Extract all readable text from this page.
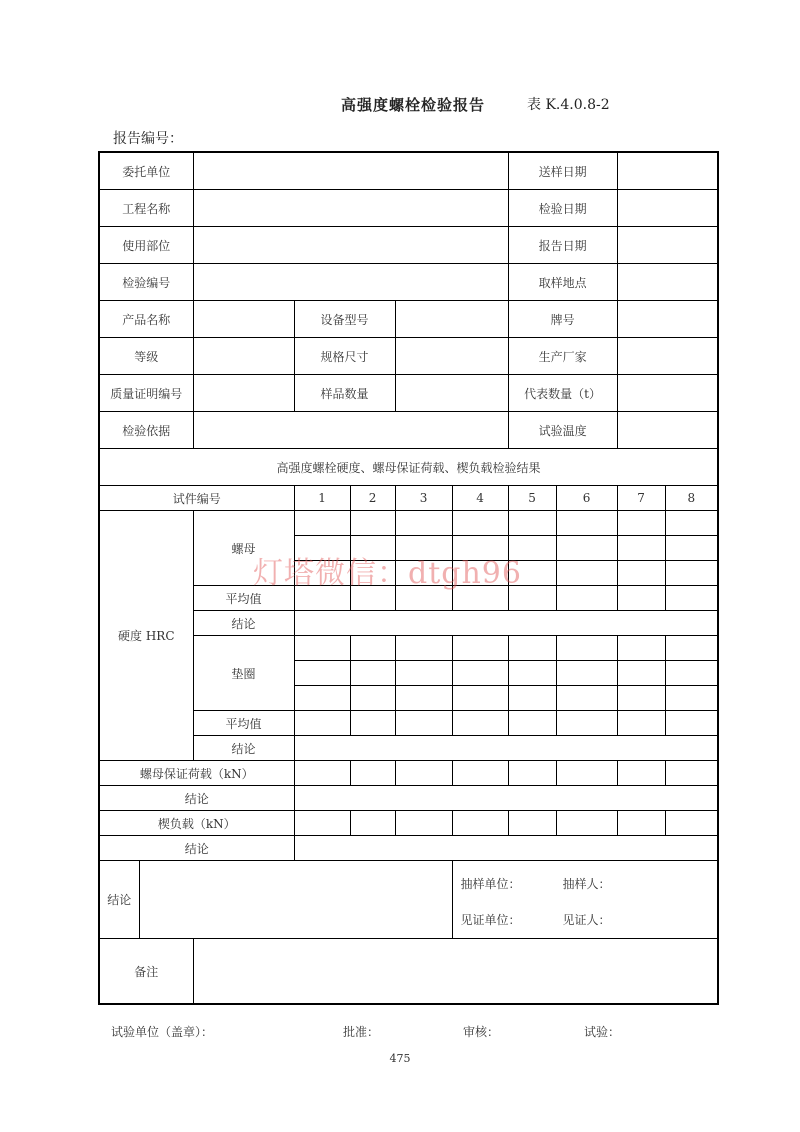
高强度螺栓检验报告	表 K.4.0.8-2
报告编号：
委托单位							送样日期			
工程名称							检验日期			
使用部位							报告日期			
检验编号							取样地点			
产品名称			设备型号				牌号			
等级			规格尺寸				生产厂家			
质量证明编号			样品数量				代表数量（t）			
检验依据							试验温度			
高强度螺栓硬度、螺母保证荷载、楔负载检验结果										
试件编号			1	2	3	4	5	6	7	8
硬度 HRC		螺母								

		平均值								
		结论								
		垫圈								

		平均值								
		结论								
螺母保证荷载（kN）										
结论										
楔负载（kN）										
结论										
结论						抽样单位： 抽样人：
见证单位： 见证人：				

备注										
灯塔微信：dtgh96
试验单位（盖章）：	批准：	审核：	试验：
475
